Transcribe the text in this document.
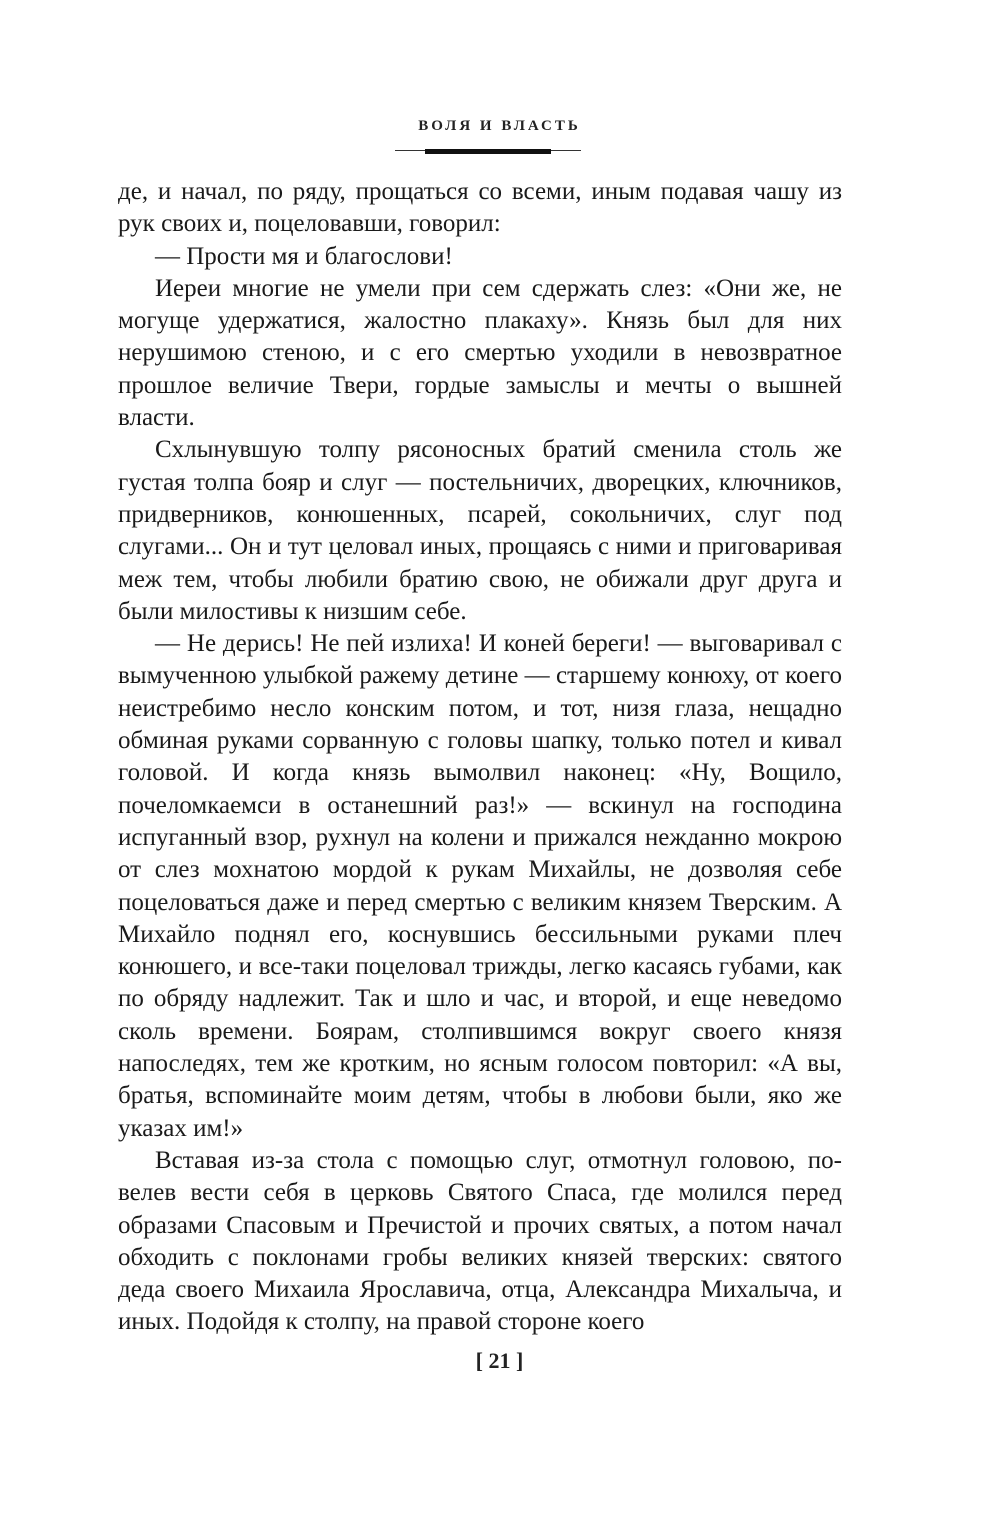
ВОЛЯ И ВЛАСТЬ

де, и начал, по ряду, прощаться со всеми, иным подавая чашу из рук своих и, поцеловавши, говорил:

— Прости мя и благослови!

Иереи многие не умели при сем сдержать слез: «Они же, не могуще удержатися, жалостно плакаху». Князь был для них нерушимою стеною, и с его смертью уходили в невозвратное прошлое величие Твери, гордые замыслы и мечты о вышней власти.

Схлынувшую толпу рясоносных братий сменила столь же густая толпа бояр и слуг — постельничих, дворецких, ключников, придверников, конюшенных, псарей, сокольничих, слуг под слугами... Он и тут целовал иных, прощаясь с ними и приговаривая меж тем, чтобы любили братию свою, не обижали друг друга и были милостивы к низшим себе.

— Не дерись! Не пей излиха! И коней береги! — выговаривал с вымученною улыбкой ражему детине — старшему конюху, от коего неистребимо несло конским потом, и тот, низя глаза, нещадно обминая руками сорванную с головы шапку, только потел и кивал головой. И когда князь вымолвил наконец: «Ну, Вощило, почеломкаемси в останешний раз!» — вскинул на господина испуганный взор, рухнул на колени и прижался нежданно мокрою от слез мохнатою мордой к рукам Михайлы, не дозволяя себе поцеловаться даже и перед смертью с великим князем Тверским. А Михайло поднял его, коснувшись бессильными руками плеч конюшего, и все-таки поцеловал трижды, легко касаясь губами, как по обряду надлежит. Так и шло и час, и второй, и еще неведомо сколь времени. Боярам, столпившимся вокруг своего князя напоследях, тем же кротким, но ясным голосом повторил: «А вы, братья, вспоминайте моим детям, чтобы в любови были, яко же указах им!»

Вставая из-за стола с помощью слуг, отмотнул головою, повелев вести себя в церковь Святого Спаса, где молился перед образами Спасовым и Пречистой и прочих святых, а потом начал обходить с поклонами гробы великих князей тверских: святого деда своего Михаила Ярославича, отца, Александра Михалыча, и иных. Подойдя к столпу, на правой стороне коего

[ 21 ]
